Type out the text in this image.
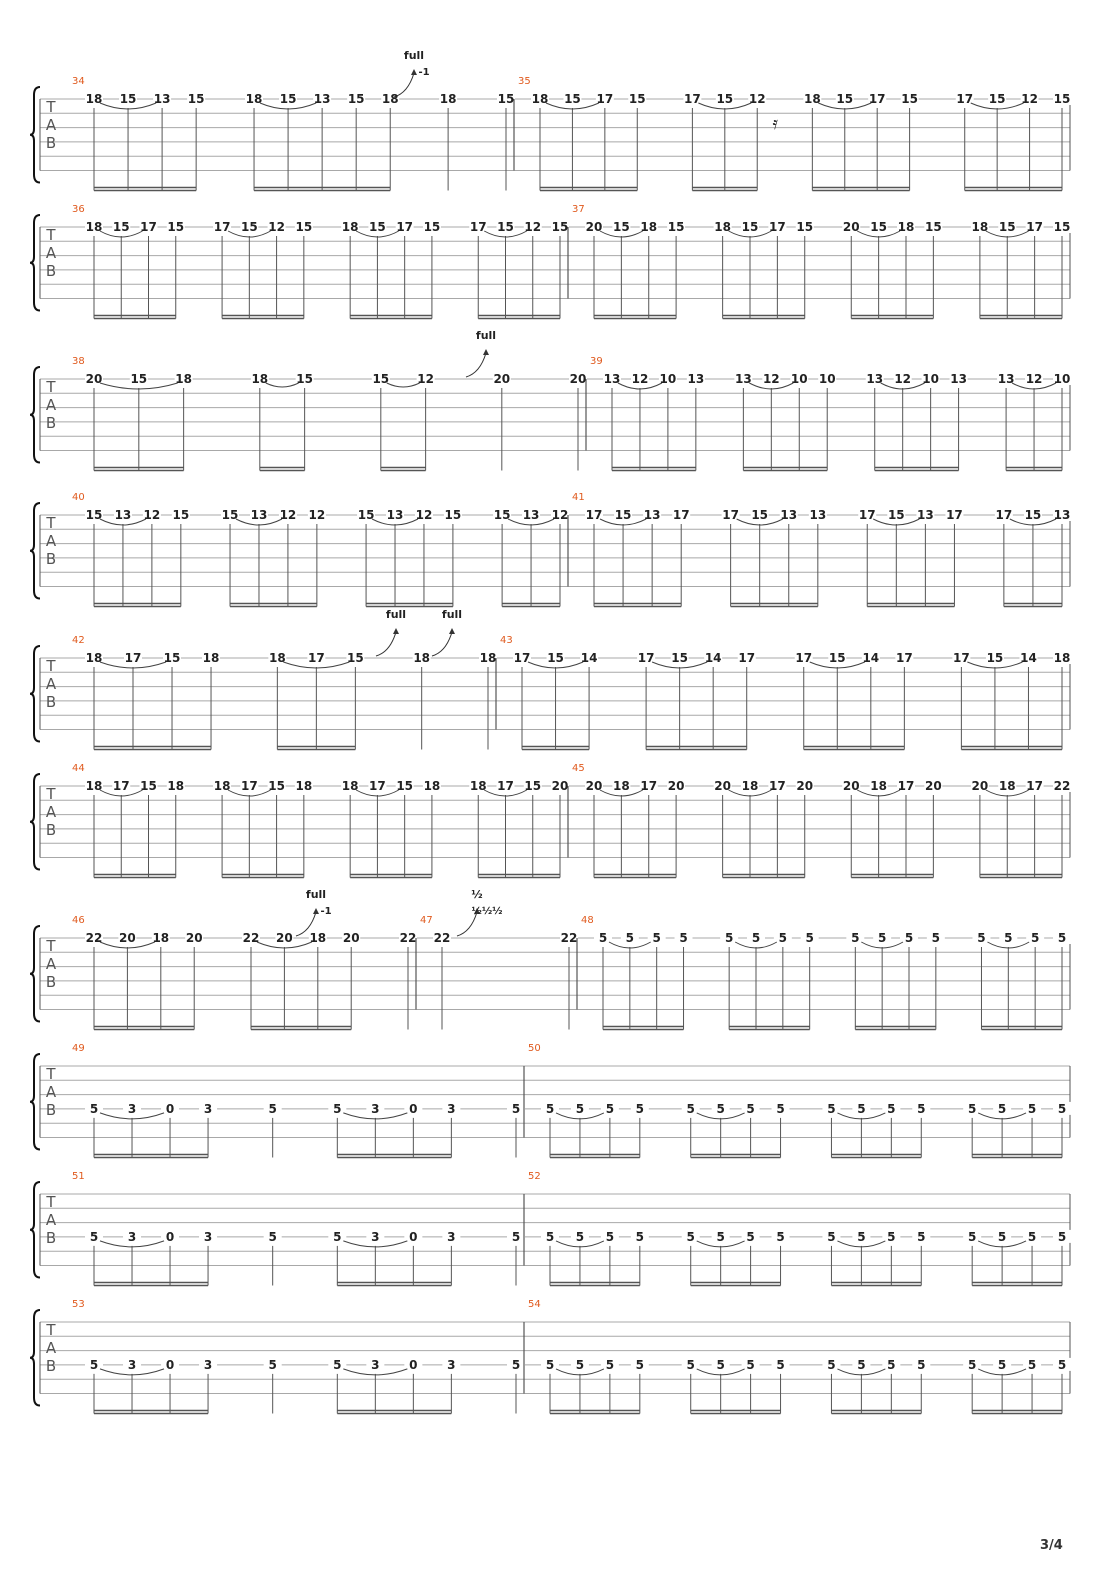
T
A
B
34
18 15 13 15	18 15 13 15 18	18	15
full
-1
35
18 15 17 15	17 15 12	18 15 17 15	17 15 12 15
𝄿
T
A
B
36
18 15 17 15 17 15 12 15 18 15 17 15 17 15 12 15
37
20 15 18 15 18 15 17 15 20 15 18 15 18 15 17 15
T
A
B
38
20 15 18	18 15	15 12	20	20
full
39
13 12 10 13	13 12 10 10	13 12 10 13	13 12 10
T
A
B
40
15 13 12 15	15 13 12 12	15 13 12 15	15 13 12
41
17 15 13 17	17 15 13 13	17 15 13 17	17 15 13
T
A
B
42
18 17 15 18	18 17 15	18	18
full	full
43
17 15 14	17 15 14 17	17 15 14 17	17 15 14 18
T
A
B
44
18 17 15 18 18 17 15 18 18 17 15 18 18 17 15 20
45
20 18 17 20 20 18 17 20 20 18 17 20 20 18 17 22
T
A
B
46
22 20 18 20	22 20 18 20	22
full
-1
47
22	22
½
½½½
48
5 5 5 5	5 5 5 5	5 5 5 5	5 5 5 5
T
A
B
49
5 3 0 3	5	5 3 0 3	5
50
5 5 5 5	5 5 5 5	5 5 5 5	5 5 5 5
T
A
B
51
5 3 0 3	5	5 3 0 3	5
52
5 5 5 5	5 5 5 5	5 5 5 5	5 5 5 5
T
A
B
53
5 3 0 3	5	5 3 0 3	5
54
5 5 5 5	5 5 5 5	5 5 5 5	5 5 5 5
3/4
